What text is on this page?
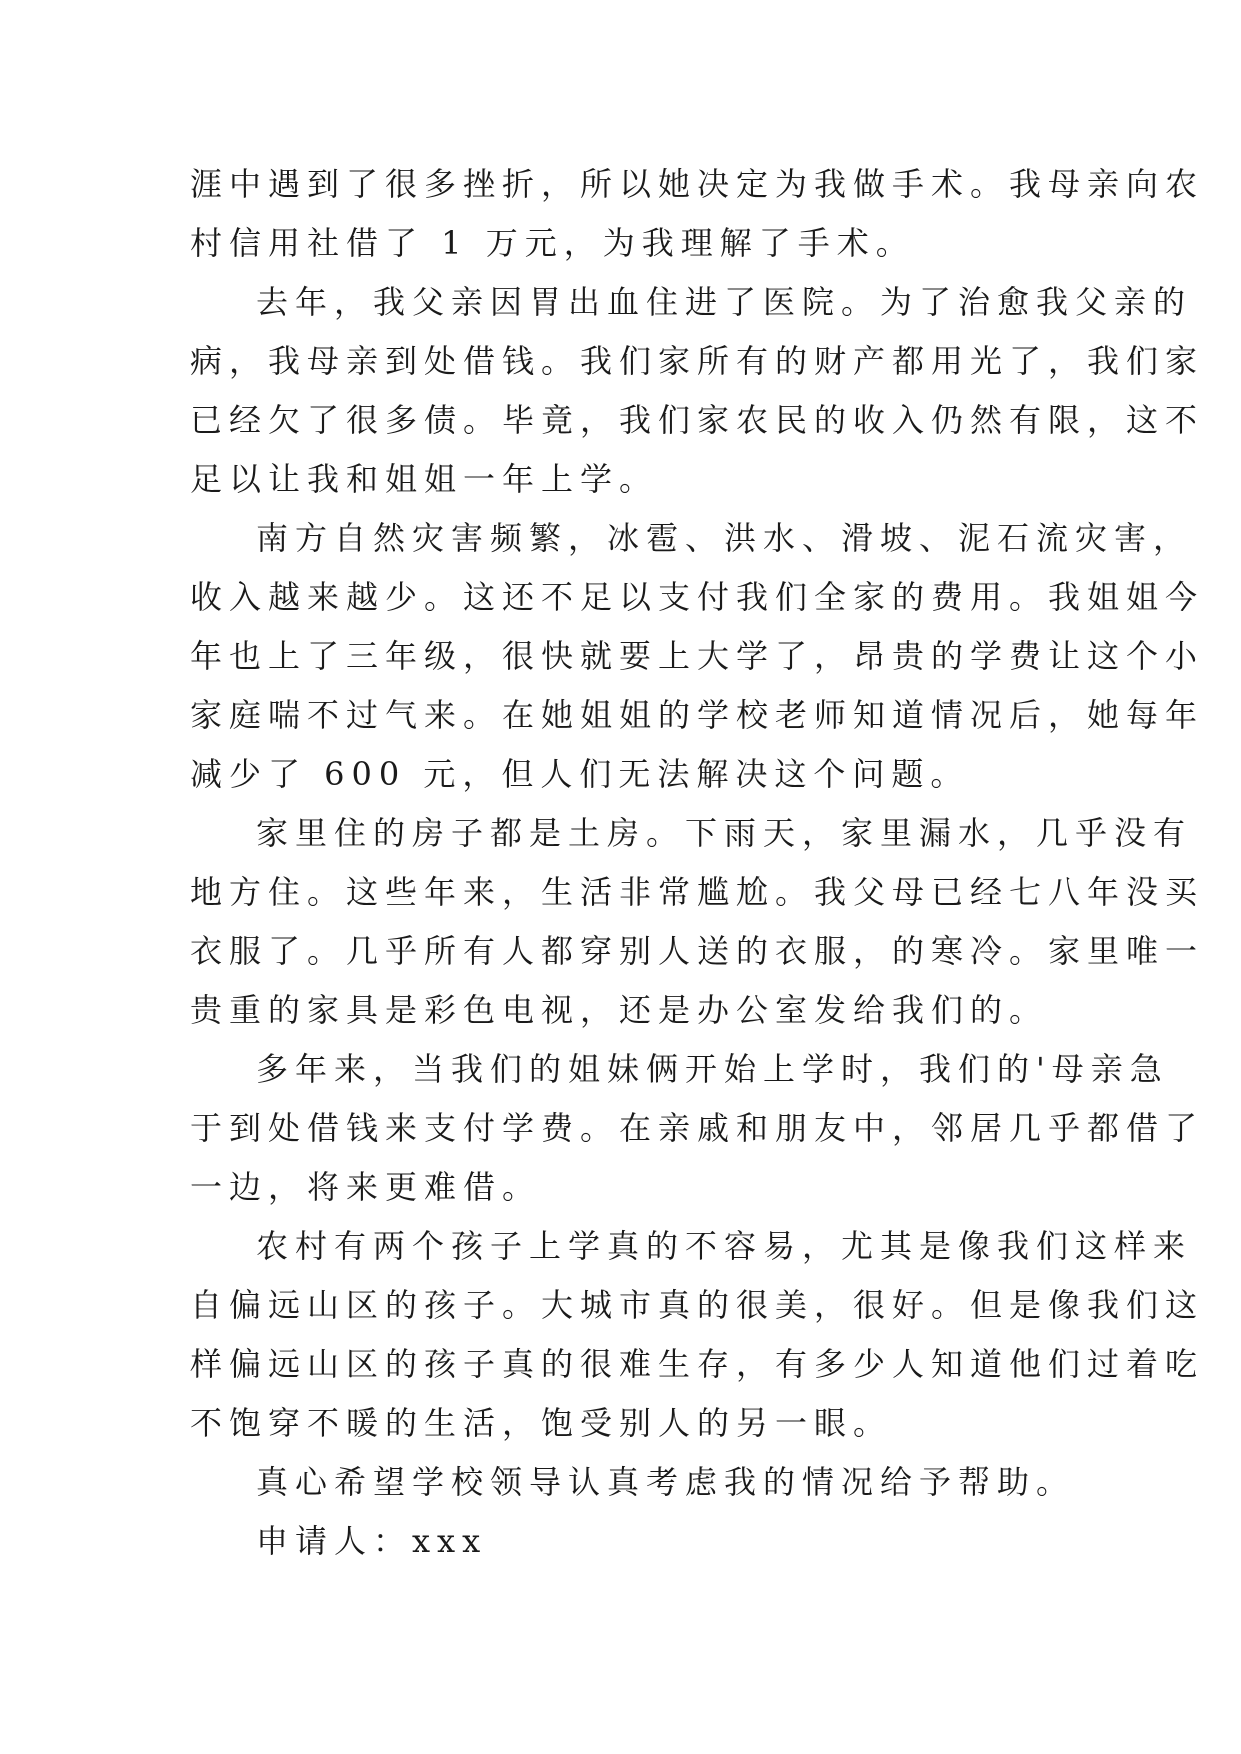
涯中遇到了很多挫折，所以她决定为我做手术。我母亲向农
村信用社借了 1 万元，为我理解了手术。
去年，我父亲因胃出血住进了医院。为了治愈我父亲的
病，我母亲到处借钱。我们家所有的财产都用光了，我们家
已经欠了很多债。毕竟，我们家农民的收入仍然有限，这不
足以让我和姐姐一年上学。
南方自然灾害频繁，冰雹、洪水、滑坡、泥石流灾害，
收入越来越少。这还不足以支付我们全家的费用。我姐姐今
年也上了三年级，很快就要上大学了，昂贵的学费让这个小
家庭喘不过气来。在她姐姐的学校老师知道情况后，她每年
减少了 600 元，但人们无法解决这个问题。
家里住的房子都是土房。下雨天，家里漏水，几乎没有
地方住。这些年来，生活非常尴尬。我父母已经七八年没买
衣服了。几乎所有人都穿别人送的衣服，的寒冷。家里唯一
贵重的家具是彩色电视，还是办公室发给我们的。
多年来，当我们的姐妹俩开始上学时，我们的'母亲急
于到处借钱来支付学费。在亲戚和朋友中，邻居几乎都借了
一边，将来更难借。
农村有两个孩子上学真的不容易，尤其是像我们这样来
自偏远山区的孩子。大城市真的很美，很好。但是像我们这
样偏远山区的孩子真的很难生存，有多少人知道他们过着吃
不饱穿不暖的生活，饱受别人的另一眼。
真心希望学校领导认真考虑我的情况给予帮助。
申请人：xxx
